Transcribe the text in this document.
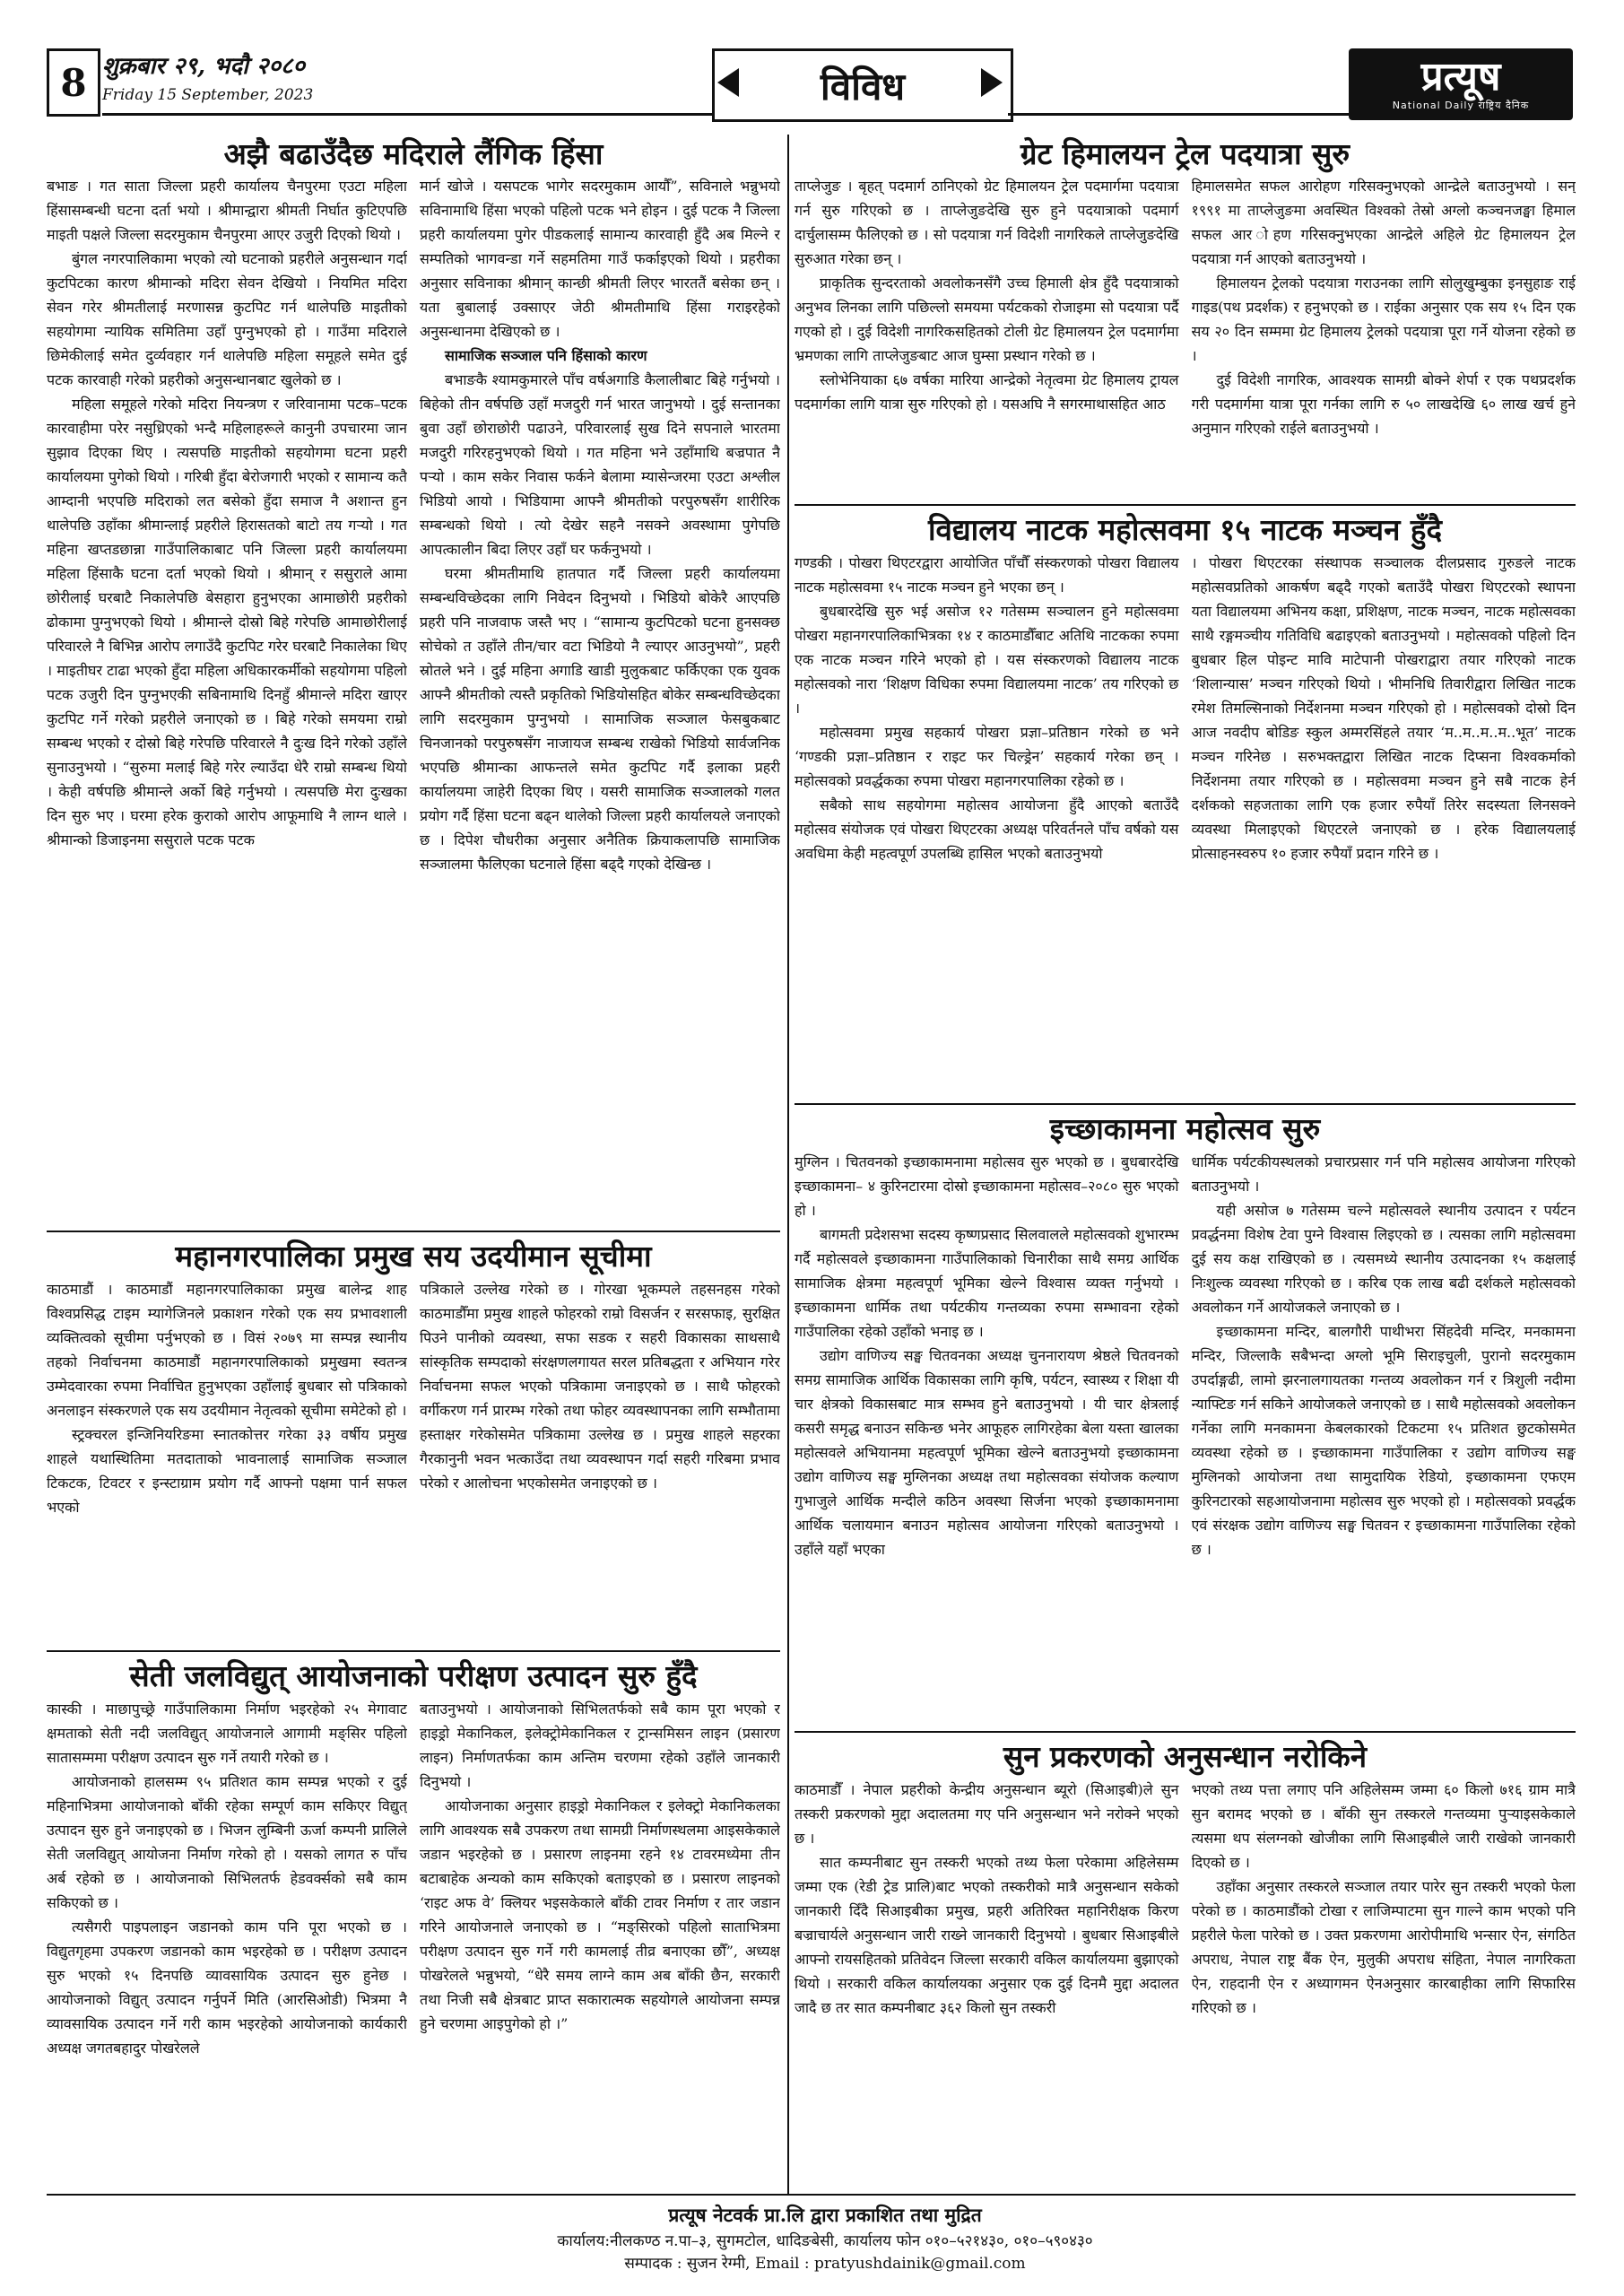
8 शुक्रबार २९, भदौ २०८०
Friday 15 September, 2023	विविध	प्रत्यूष
National Daily राष्ट्रिय दैनिक
अझै बढाउँदैछ मदिराले लैंगिक हिंसा

बभाङ । गत साता जिल्ला प्रहरी कार्यालय चैनपुरमा एउटा महिला हिंसासम्बन्धी घटना दर्ता भयो । श्रीमान्द्वारा श्रीमती निर्घात कुटिएपछि माइती पक्षले जिल्ला सदरमुकाम चैनपुरमा आएर उजुरी दिएको थियो ।

बुंगल नगरपालिकामा भएको त्यो घटनाको प्रहरीले अनुसन्धान गर्दा कुटपिटका कारण श्रीमान्को मदिरा सेवन देखियो । नियमित मदिरा सेवन गरेर श्रीमतीलाई मरणासन्न कुटपिट गर्न थालेपछि माइतीको सहयोगमा न्यायिक समितिमा उहाँ पुग्नुभएको हो । गाउँमा मदिराले छिमेकीलाई समेत दुर्व्यवहार गर्न थालेपछि महिला समूहले समेत दुई पटक कारवाही गरेको प्रहरीको अनुसन्धानबाट खुलेको छ ।

महिला समूहले गरेको मदिरा नियन्त्रण र जरिवानामा पटक–पटक कारवाहीमा परेर नसुध्रिएको भन्दै महिलाहरूले कानुनी उपचारमा जान सुझाव दिएका थिए । त्यसपछि माइतीको सहयोगमा घटना प्रहरी कार्यालयमा पुगेको थियो । गरिबी हुँदा बेरोजगारी भएको र सामान्य कतै आम्दानी भएपछि मदिराको लत बसेको हुँदा समाज नै अशान्त हुन थालेपछि उहाँका श्रीमान्लाई प्रहरीले हिरासतको बाटो तय गऱ्यो । गत महिना खप्तडछान्ना गाउँपालिकाबाट पनि जिल्ला प्रहरी कार्यालयमा महिला हिंसाकै घटना दर्ता भएको थियो । श्रीमान् र ससुराले आमा छोरीलाई घरबाटै निकालेपछि बेसहारा हुनुभएका आमाछोरी प्रहरीको ढोकामा पुग्नुभएको थियो । श्रीमान्ले दोस्रो बिहे गरेपछि आमाछोरीलाई परिवारले नै बिभिन्न आरोप लगाउँदै कुटपिट गरेर घरबाटै निकालेका थिए । माइतीघर टाढा भएको हुँदा महिला अधिकारकर्मीको सहयोगमा पहिलो पटक उजुरी दिन पुग्नुभएकी सबिनामाथि दिनहुँ श्रीमान्ले मदिरा खाएर कुटपिट गर्ने गरेको प्रहरीले जनाएको छ । बिहे गरेको समयमा राम्रो सम्बन्ध भएको र दोस्रो बिहे गरेपछि परिवारले नै दुःख दिने गरेको उहाँले सुनाउनुभयो । “सुरुमा मलाई बिहे गरेर ल्याउँदा धेरै राम्रो सम्बन्ध थियो । केही वर्षपछि श्रीमान्ले अर्को बिहे गर्नुभयो । त्यसपछि मेरा दुःखका दिन सुरु भए । घरमा हरेक कुराको आरोप आफूमाथि नै लाग्न थाले । श्रीमान्को डिजाइनमा ससुराले पटक पटक

मार्न खोजे । यसपटक भागेर सदरमुकाम आयौँ”, सविनाले भन्नुभयो सविनामाथि हिंसा भएको पहिलो पटक भने होइन । दुई पटक नै जिल्ला प्रहरी कार्यालयमा पुगेर पीडकलाई सामान्य कारवाही हुँदै अब मिल्ने र सम्पतिको भागवन्डा गर्ने सहमतिमा गाउँ फर्काइएको थियो । प्रहरीका अनुसार सविनाका श्रीमान् कान्छी श्रीमती लिएर भारततैं बसेका छन् । यता बुबालाई उक्साएर जेठी श्रीमतीमाथि हिंसा गराइरहेको अनुसन्धानमा देखिएको छ ।

सामाजिक सञ्जाल पनि हिंसाको कारण

बभाङकै श्यामकुमारले पाँच वर्षअगाडि कैलालीबाट बिहे गर्नुभयो । बिहेको तीन वर्षपछि उहाँ मजदुरी गर्न भारत जानुभयो । दुई सन्तानका बुवा उहाँ छोराछोरी पढाउने, परिवारलाई सुख दिने सपनाले भारतमा मजदुरी गरिरहनुभएको थियो । गत महिना भने उहाँमाथि बज्रपात नै पऱ्यो । काम सकेर निवास फर्कने बेलामा म्यासेन्जरमा एउटा अश्लील भिडियो आयो । भिडियामा आफ्नै श्रीमतीको परपुरुषसँग शारीरिक सम्बन्धको थियो । त्यो देखेर सहनै नसक्ने अवस्थामा पुगेपछि आपत्कालीन बिदा लिएर उहाँ घर फर्कनुभयो ।

घरमा श्रीमतीमाथि हातपात गर्दै जिल्ला प्रहरी कार्यालयमा सम्बन्धविच्छेदका लागि निवेदन दिनुभयो । भिडियो बोकेरै आएपछि प्रहरी पनि नाजवाफ जस्तै भए । “सामान्य कुटपिटको घटना हुनसक्छ सोचेको त उहाँले तीन/चार वटा भिडियो नै ल्याएर आउनुभयो”, प्रहरी स्रोतले भने । दुई महिना अगाडि खाडी मुलुकबाट फर्किएका एक युवक आफ्नै श्रीमतीको त्यस्तै प्रकृतिको भिडियोसहित बोकेर सम्बन्धविच्छेदका लागि सदरमुकाम पुग्नुभयो । सामाजिक सञ्जाल फेसबुकबाट चिनजानको परपुरुषसँग नाजायज सम्बन्ध राखेको भिडियो सार्वजनिक भएपछि श्रीमान्का आफन्तले समेत कुटपिट गर्दै इलाका प्रहरी कार्यालयमा जाहेरी दिएका थिए । यसरी सामाजिक सञ्जालको गलत प्रयोग गर्दै हिंसा घटना बढ्न थालेको जिल्ला प्रहरी कार्यालयले जनाएको छ । दिपेश चौधरीका अनुसार अनैतिक क्रियाकलापछि सामाजिक सञ्जालमा फैलिएका घटनाले हिंसा बढ्दै गएको देखिन्छ ।

महानगरपालिका प्रमुख सय उदयीमान सूचीमा

काठमाडौं । काठमाडौं महानगरपालिकाका प्रमुख बालेन्द्र शाह विश्वप्रसिद्ध टाइम म्यागेजिनले प्रकाशन गरेको एक सय प्रभावशाली व्यक्तित्वको सूचीमा पर्नुभएको छ । विसं २०७९ मा सम्पन्न स्थानीय तहको निर्वाचनमा काठमाडौं महानगरपालिकाको प्रमुखमा स्वतन्त्र उम्मेदवारका रुपमा निर्वाचित हुनुभएका उहाँलाई बुधबार सो पत्रिकाको अनलाइन संस्करणले एक सय उदयीमान नेतृत्वको सूचीमा समेटेको हो ।

स्ट्रक्चरल इन्जिनियरिङमा स्नातकोत्तर गरेका ३३ वर्षीय प्रमुख शाहले यथास्थितिमा मतदाताको भावनालाई सामाजिक सञ्जाल टिकटक, टिवटर र इन्स्टाग्राम प्रयोग गर्दै आफ्नो पक्षमा पार्न सफल भएको

पत्रिकाले उल्लेख गरेको छ । गोरखा भूकम्पले तहसनहस गरेको काठमाडौँमा प्रमुख शाहले फोहरको राम्रो विसर्जन र सरसफाइ, सुरक्षित पिउने पानीको व्यवस्था, सफा सडक र सहरी विकासका साथसाथै सांस्कृतिक सम्पदाको संरक्षणलगायत सरल प्रतिबद्धता र अभियान गरेर निर्वाचनमा सफल भएको पत्रिकामा जनाइएको छ । साथै फोहरको वर्गीकरण गर्न प्रारम्भ गरेको तथा फोहर व्यवस्थापनका लागि सम्भौतामा हस्ताक्षर गरेकोसमेत पत्रिकामा उल्लेख छ । प्रमुख शाहले सहरका गैरकानुनी भवन भत्काउँदा तथा व्यवस्थापन गर्दा सहरी गरिबमा प्रभाव परेको र आलोचना भएकोसमेत जनाइएको छ ।

सेती जलविद्युत् आयोजनाको परीक्षण उत्पादन सुरु हुँदै

कास्की । माछापुच्छ्रे गाउँपालिकामा निर्माण भइरहेको २५ मेगावाट क्षमताको सेती नदी जलविद्युत् आयोजनाले आगामी मङ्सिर पहिलो सातासम्ममा परीक्षण उत्पादन सुरु गर्ने तयारी गरेको छ ।

आयोजनाको हालसम्म ९५ प्रतिशत काम सम्पन्न भएको र दुई महिनाभित्रमा आयोजनाको बाँकी रहेका सम्पूर्ण काम सकिएर विद्युत् उत्पादन सुरु हुने जनाइएको छ । भिजन लुम्बिनी ऊर्जा कम्पनी प्रालिले सेती जलविद्युत् आयोजना निर्माण गरेको हो । यसको लागत रु पाँच अर्ब रहेको छ । आयोजनाको सिभिलतर्फ हेडवर्क्सको सबै काम सकिएको छ ।

त्यसैगरी पाइपलाइन जडानको काम पनि पूरा भएको छ । विद्युतगृहमा उपकरण जडानको काम भइरहेको छ । परीक्षण उत्पादन सुरु भएको १५ दिनपछि व्यावसायिक उत्पादन सुरु हुनेछ । आयोजनाको विद्युत् उत्पादन गर्नुपर्ने मिति (आरसिओडी) भित्रमा नै व्यावसायिक उत्पादन गर्ने गरी काम भइरहेको आयोजनाको कार्यकारी अध्यक्ष जगतबहादुर पोखरेलले

बताउनुभयो । आयोजनाको सिभिलतर्फको सबै काम पूरा भएको र हाइड्रो मेकानिकल, इलेक्ट्रोमेकानिकल र ट्रान्समिसन लाइन (प्रसारण लाइन) निर्माणतर्फका काम अन्तिम चरणमा रहेको उहाँले जानकारी दिनुभयो ।

आयोजनाका अनुसार हाइड्रो मेकानिकल र इलेक्ट्रो मेकानिकलका लागि आवश्यक सबै उपकरण तथा सामग्री निर्माणस्थलमा आइसकेकाले जडान भइरहेको छ । प्रसारण लाइनमा रहने १४ टावरमध्येमा तीन बटाबाहेक अन्यको काम सकिएको बताइएको छ । प्रसारण लाइनको ‘राइट अफ वे’ क्लियर भइसकेकाले बाँकी टावर निर्माण र तार जडान गरिने आयोजनाले जनाएको छ । “मङ्सिरको पहिलो साताभित्रमा परीक्षण उत्पादन सुरु गर्ने गरी कामलाई तीव्र बनाएका छौँ”, अध्यक्ष पोखरेलले भन्नुभयो, “धेरै समय लाग्ने काम अब बाँकी छैन, सरकारी तथा निजी सबै क्षेत्रबाट प्राप्त सकारात्मक सहयोगले आयोजना सम्पन्न हुने चरणमा आइपुगेको हो ।”

ग्रेट हिमालयन ट्रेल पदयात्रा सुरु

ताप्लेजुङ । बृहत् पदमार्ग ठानिएको ग्रेट हिमालयन ट्रेल पदमार्गमा पदयात्रा गर्न सुरु गरिएको छ । ताप्लेजुङदेखि सुरु हुने पदयात्राको पदमार्ग दार्चुलासम्म फैलिएको छ । सो पदयात्रा गर्न विदेशी नागरिकले ताप्लेजुङदेखि सुरुआत गरेका छन् ।

प्राकृतिक सुन्दरताको अवलोकनसँगै उच्च हिमाली क्षेत्र हुँदै पदयात्राको अनुभव लिनका लागि पछिल्लो समयमा पर्यटकको रोजाइमा सो पदयात्रा पर्दै गएको हो । दुई विदेशी नागरिकसहितको टोली ग्रेट हिमालयन ट्रेल पदमार्गमा भ्रमणका लागि ताप्लेजुङबाट आज घुम्सा प्रस्थान गरेको छ ।

स्लोभेनियाका ६७ वर्षका मारिया आन्द्रेको नेतृत्वमा ग्रेट हिमालय ट्रायल पदमार्गका लागि यात्रा सुरु गरिएको हो । यसअघि नै सगरमाथासहित आठ

हिमालसमेत सफल आरोहण गरिसक्नुभएको आन्द्रेले बताउनुभयो । सन् १९९१ मा ताप्लेजुङमा अवस्थित विश्वको तेस्रो अग्लो कञ्चनजङ्घा हिमाल सफल आर ोहण गरिसक्नुभएका आन्द्रेले अहिले ग्रेट हिमालयन ट्रेल पदयात्रा गर्न आएको बताउनुभयो ।

हिमालयन ट्रेलको पदयात्रा गराउनका लागि सोलुखुम्बुका इनसुहाङ राई गाइड(पथ प्रदर्शक) र हनुभएको छ । राईका अनुसार एक सय १५ दिन एक सय २० दिन सम्ममा ग्रेट हिमालय ट्रेलको पदयात्रा पूरा गर्ने योजना रहेको छ ।

दुई विदेशी नागरिक, आवश्यक सामग्री बोक्ने शेर्पा र एक पथप्रदर्शक गरी पदमार्गमा यात्रा पूरा गर्नका लागि रु ५० लाखदेखि ६० लाख खर्च हुने अनुमान गरिएको राईले बताउनुभयो ।

विद्यालय नाटक महोत्सवमा १५ नाटक मञ्चन हुँदै

गण्डकी । पोखरा थिएटरद्वारा आयोजित पाँचौँ संस्करणको पोखरा विद्यालय नाटक महोत्सवमा १५ नाटक मञ्चन हुने भएका छन् ।

बुधबारदेखि सुरु भई असोज १२ गतेसम्म सञ्चालन हुने महोत्सवमा पोखरा महानगरपालिकाभित्रका १४ र काठमाडौँबाट अतिथि नाटकका रुपमा एक नाटक मञ्चन गरिने भएको हो । यस संस्करणको विद्यालय नाटक महोत्सवको नारा ‘शिक्षण विधिका रुपमा विद्यालयमा नाटक’ तय गरिएको छ ।

महोत्सवमा प्रमुख सहकार्य पोखरा प्रज्ञा–प्रतिष्ठान गरेको छ भने ‘गण्डकी प्रज्ञा–प्रतिष्ठान र राइट फर चिल्ड्रेन’ सहकार्य गरेका छन् । महोत्सवको प्रवर्द्धकका रुपमा पोखरा महानगरपालिका रहेको छ ।

सबैको साथ सहयोगमा महोत्सव आयोजना हुँदै आएको बताउँदै महोत्सव संयोजक एवं पोखरा थिएटरका अध्यक्ष परिवर्तनले पाँच वर्षको यस अवधिमा केही महत्वपूर्ण उपलब्धि हासिल भएको बताउनुभयो

। पोखरा थिएटरका संस्थापक सञ्चालक दीलप्रसाद गुरुङले नाटक महोत्सवप्रतिको आकर्षण बढ्दै गएको बताउँदै पोखरा थिएटरको स्थापना यता विद्यालयमा अभिनय कक्षा, प्रशिक्षण, नाटक मञ्चन, नाटक महोत्सवका साथै रङ्गमञ्चीय गतिविधि बढाइएको बताउनुभयो । महोत्सवको पहिलो दिन बुधबार हिल पोइन्ट मावि माटेपानी पोखराद्वारा तयार गरिएको नाटक ‘शिलान्यास’ मञ्चन गरिएको थियो । भीमनिधि तिवारीद्वारा लिखित नाटक रमेश तिमल्सिनाको निर्देशनमा मञ्चन गरिएको हो । महोत्सवको दोस्रो दिन आज नवदीप बोडिङ स्कुल अम्मरसिंहले तयार ‘म..म..म..म..भूत’ नाटक मञ्चन गरिनेछ । सरुभक्तद्वारा लिखित नाटक दिप्सना विश्वकर्माको निर्देशनमा तयार गरिएको छ । महोत्सवमा मञ्चन हुने सबै नाटक हेर्न दर्शकको सहजताका लागि एक हजार रुपैयाँ तिरेर सदस्यता लिनसक्ने व्यवस्था मिलाइएको थिएटरले जनाएको छ । हरेक विद्यालयलाई प्रोत्साहनस्वरुप १० हजार रुपैयाँ प्रदान गरिने छ ।

इच्छाकामना महोत्सव सुरु

मुग्लिन । चितवनको इच्छाकामनामा महोत्सव सुरु भएको छ । बुधबारदेखि इच्छाकामना– ४ कुरिनटारमा दोस्रो इच्छाकामना महोत्सव–२०८० सुरु भएको हो ।

बागमती प्रदेशसभा सदस्य कृष्णप्रसाद सिलवालले महोत्सवको शुभारम्भ गर्दै महोत्सवले इच्छाकामना गाउँपालिकाको चिनारीका साथै समग्र आर्थिक सामाजिक क्षेत्रमा महत्वपूर्ण भूमिका खेल्ने विश्वास व्यक्त गर्नुभयो । इच्छाकामना धार्मिक तथा पर्यटकीय गन्तव्यका रुपमा सम्भावना रहेको गाउँपालिका रहेको उहाँको भनाइ छ ।

उद्योग वाणिज्य सङ्घ चितवनका अध्यक्ष चुननारायण श्रेष्ठले चितवनको समग्र सामाजिक आर्थिक विकासका लागि कृषि, पर्यटन, स्वास्थ्य र शिक्षा यी चार क्षेत्रको विकासबाट मात्र सम्भव हुने बताउनुभयो । यी चार क्षेत्रलाई कसरी समृद्ध बनाउन सकिन्छ भनेर आफूहरु लागिरहेका बेला यस्ता खालका महोत्सवले अभियानमा महत्वपूर्ण भूमिका खेल्ने बताउनुभयो इच्छाकामना उद्योग वाणिज्य सङ्घ मुग्लिनका अध्यक्ष तथा महोत्सवका संयोजक कल्याण गुभाजुले आर्थिक मन्दीले कठिन अवस्था सिर्जना भएको इच्छाकामनामा आर्थिक चलायमान बनाउन महोत्सव आयोजना गरिएको बताउनुभयो । उहाँले यहाँ भएका

धार्मिक पर्यटकीयस्थलको प्रचारप्रसार गर्न पनि महोत्सव आयोजना गरिएको बताउनुभयो ।

यही असोज ७ गतेसम्म चल्ने महोत्सवले स्थानीय उत्पादन र पर्यटन प्रवर्द्धनमा विशेष टेवा पुग्ने विश्वास लिइएको छ । त्यसका लागि महोत्सवमा दुई सय कक्ष राखिएको छ । त्यसमध्ये स्थानीय उत्पादनका १५ कक्षलाई निःशुल्क व्यवस्था गरिएको छ । करिब एक लाख बढी दर्शकले महोत्सवको अवलोकन गर्ने आयोजकले जनाएको छ ।

इच्छाकामना मन्दिर, बालगौरी पाथीभरा सिंहदेवी मन्दिर, मनकामना मन्दिर, जिल्लाकै सबैभन्दा अग्लो भूमि सिराइचुली, पुरानो सदरमुकाम उपर्दाङ्गढी, लामो झरनालगायतका गन्तव्य अवलोकन गर्न र त्रिशुली नदीमा न्याफ्टिङ गर्न सकिने आयोजकले जनाएको छ । साथै महोत्सवको अवलोकन गर्नेका लागि मनकामना केबलकारको टिकटमा १५ प्रतिशत छुटकोसमेत व्यवस्था रहेको छ । इच्छाकामना गाउँपालिका र उद्योग वाणिज्य सङ्घ मुग्लिनको आयोजना तथा सामुदायिक रेडियो, इच्छाकामना एफएम कुरिनटारको सहआयोजनामा महोत्सव सुरु भएको हो । महोत्सवको प्रवर्द्धक एवं संरक्षक उद्योग वाणिज्य सङ्घ चितवन र इच्छाकामना गाउँपालिका रहेको छ ।

सुन प्रकरणको अनुसन्धान नरोकिने

काठमाडौँ । नेपाल प्रहरीको केन्द्रीय अनुसन्धान ब्यूरो (सिआइबी)ले सुन तस्करी प्रकरणको मुद्दा अदालतमा गए पनि अनुसन्धान भने नरोक्ने भएको छ ।

सात कम्पनीबाट सुन तस्करी भएको तथ्य फेला परेकामा अहिलेसम्म जम्मा एक (रेडी ट्रेड प्रालि)बाट भएको तस्करीको मात्रै अनुसन्धान सकेको जानकारी दिँदै सिआइबीका प्रमुख, प्रहरी अतिरिक्त महानिरीक्षक किरण बज्राचार्यले अनुसन्धान जारी राख्ने जानकारी दिनुभयो । बुधबार सिआइबीले आफ्नो रायसहितको प्रतिवेदन जिल्ला सरकारी वकिल कार्यालयमा बुझाएको थियो । सरकारी वकिल कार्यालयका अनुसार एक दुई दिनमै मुद्दा अदालत जादै छ तर सात कम्पनीबाट ३६२ किलो सुन तस्करी

भएको तथ्य पत्ता लगाए पनि अहिलेसम्म जम्मा ६० किलो ७१६ ग्राम मात्रै सुन बरामद भएको छ । बाँकी सुन तस्करले गन्तव्यमा पुऱ्याइसकेकाले त्यसमा थप संलग्नको खोजीका लागि सिआइबीले जारी राखेको जानकारी दिएको छ ।

उहाँका अनुसार तस्करले सञ्जाल तयार पारेर सुन तस्करी भएको फेला परेको छ । काठमाडौंको टोखा र लाजिम्पाटमा सुन गाल्ने काम भएको पनि प्रहरीले फेला पारेको छ । उक्त प्रकरणमा आरोपीमाथि भन्सार ऐन, संगठित अपराध, नेपाल राष्ट्र बैंक ऐन, मुलुकी अपराध संहिता, नेपाल नागरिकता ऐन, राहदानी ऐन र अध्यागमन ऐनअनुसार कारबाहीका लागि सिफारिस गरिएको छ ।

प्रत्यूष नेटवर्क प्रा.लि द्वारा प्रकाशित तथा मुद्रित
कार्यालय:नीलकण्ठ न.पा–३, सुगमटोल, धादिङबेसी, कार्यालय फोन ०१०–५२१४३०, ०१०–५९०४३०
सम्पादक : सुजन रेग्मी, Email : pratyushdainik@gmail.com
